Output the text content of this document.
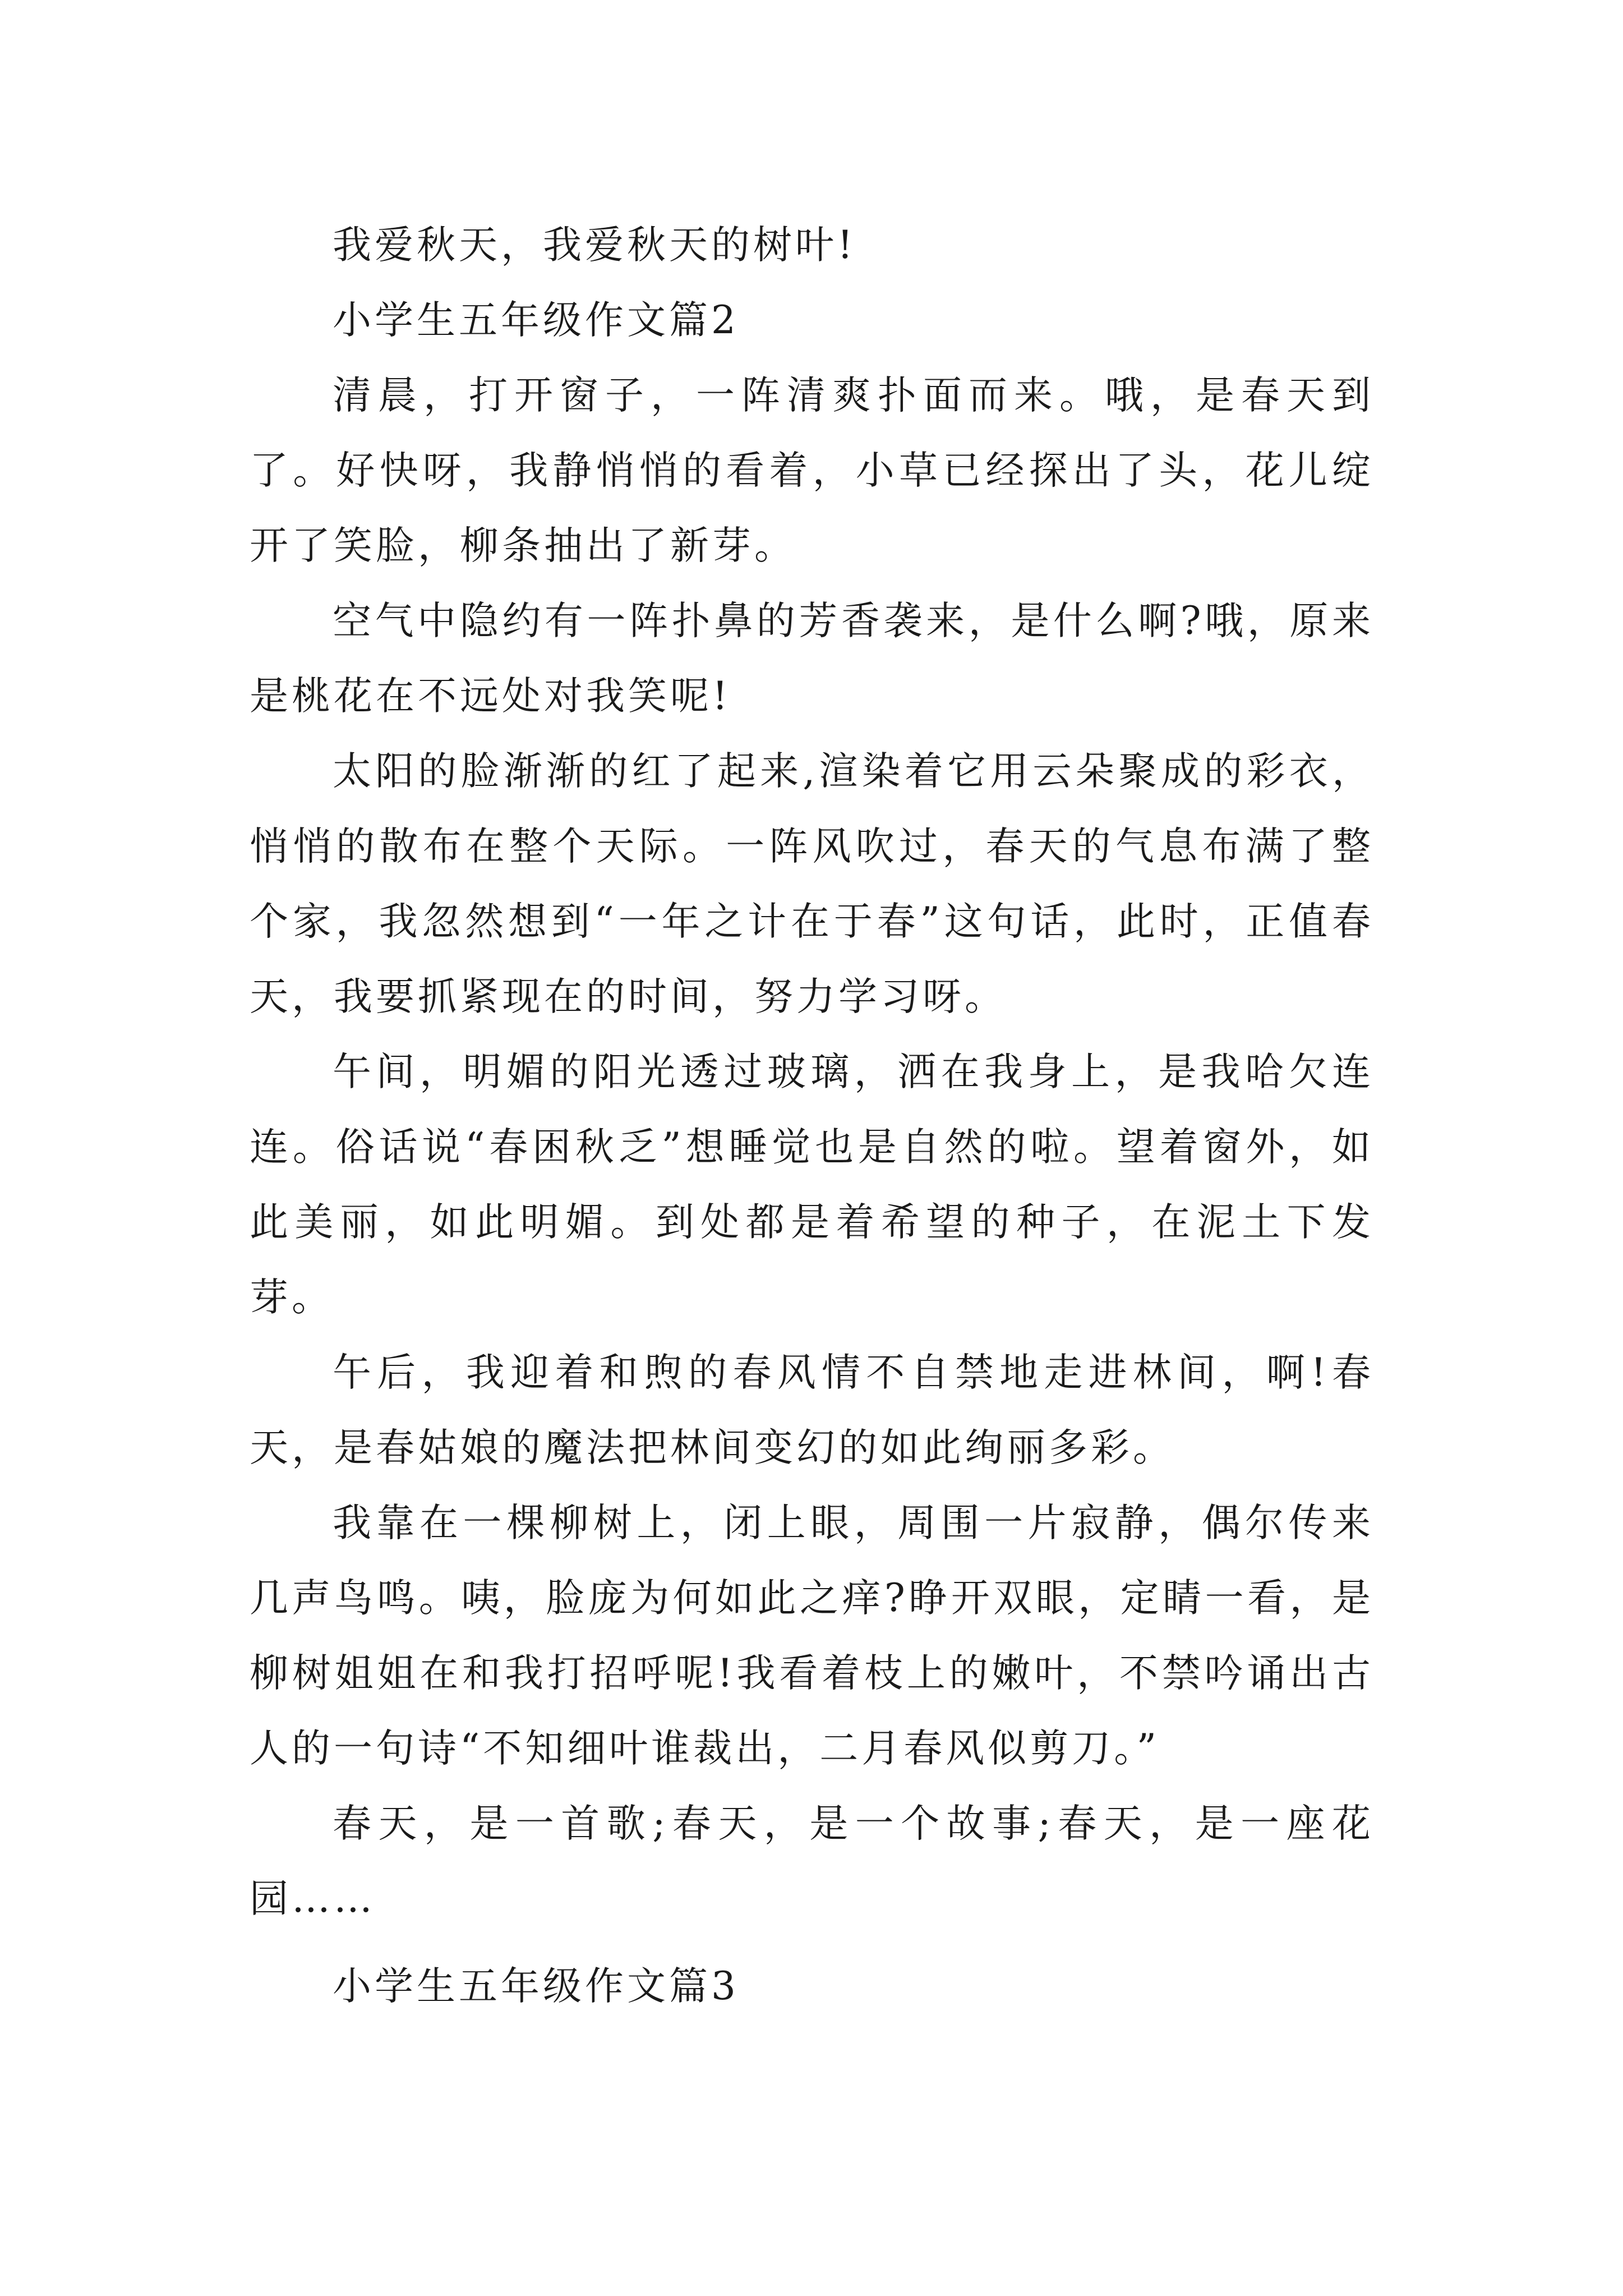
我爱秋天，我爱秋天的树叶!

小学生五年级作文篇2

清晨，打开窗子，一阵清爽扑面而来。哦，是春天到了。好快呀，我静悄悄的看着，小草已经探出了头，花儿绽开了笑脸，柳条抽出了新芽。

空气中隐约有一阵扑鼻的芳香袭来，是什么啊?哦，原来是桃花在不远处对我笑呢!

太阳的脸渐渐的红了起来,渲染着它用云朵聚成的彩衣，悄悄的散布在整个天际。一阵风吹过，春天的气息布满了整个家，我忽然想到“一年之计在于春”这句话，此时，正值春天，我要抓紧现在的时间，努力学习呀。

午间，明媚的阳光透过玻璃，洒在我身上，是我哈欠连连。俗话说“春困秋乏”想睡觉也是自然的啦。望着窗外，如此美丽，如此明媚。到处都是着希望的种子，在泥土下发芽。

午后，我迎着和煦的春风情不自禁地走进林间，啊!春天，是春姑娘的魔法把林间变幻的如此绚丽多彩。

我靠在一棵柳树上，闭上眼，周围一片寂静，偶尔传来几声鸟鸣。咦，脸庞为何如此之痒?睁开双眼，定睛一看，是柳树姐姐在和我打招呼呢!我看着枝上的嫩叶，不禁吟诵出古人的一句诗“不知细叶谁裁出，二月春风似剪刀。”

春天，是一首歌;春天，是一个故事;春天，是一座花园……

小学生五年级作文篇3
